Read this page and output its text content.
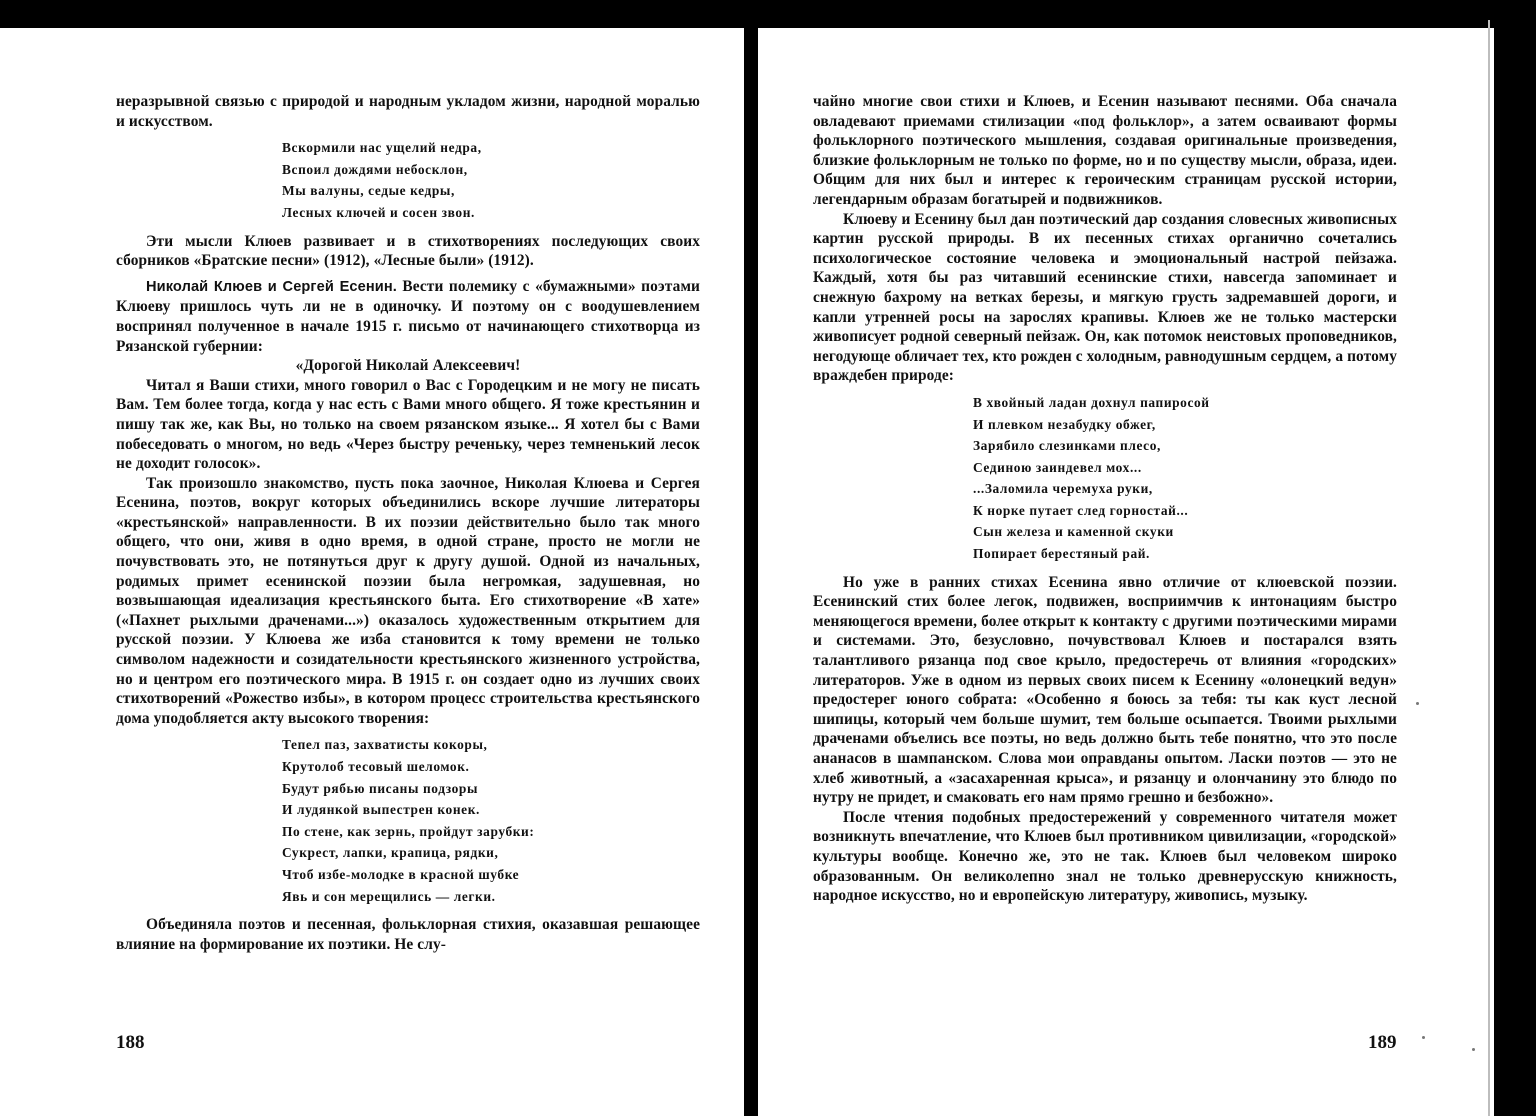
неразрывной связью с природой и народным укладом жизни, народной моралью и искусством.

Вскормили нас ущелий недра,
Вспоил дождями небосклон,
Мы валуны, седые кедры,
Лесных ключей и сосен звон.

Эти мысли Клюев развивает и в стихотворениях последующих своих сборников «Братские песни» (1912), «Лесные были» (1912).

Николай Клюев и Сергей Есенин. Вести полемику с «бумажными» поэтами Клюеву пришлось чуть ли не в одиночку. И поэтому он с воодушевлением воспринял полученное в начале 1915 г. письмо от начинающего стихотворца из Рязанской губернии:

«Дорогой Николай Алексеевич!

Читал я Ваши стихи, много говорил о Вас с Городецким и не могу не писать Вам. Тем более тогда, когда у нас есть с Вами много общего. Я тоже крестьянин и пишу так же, как Вы, но только на своем рязанском языке... Я хотел бы с Вами побеседовать о многом, но ведь «Через быстру реченьку, через темненький лесок не доходит голосок».

Так произошло знакомство, пусть пока заочное, Николая Клюева и Сергея Есенина, поэтов, вокруг которых объединились вскоре лучшие литераторы «крестьянской» направленности. В их поэзии действительно было так много общего, что они, живя в одно время, в одной стране, просто не могли не почувствовать это, не потянуться друг к другу душой. Одной из начальных, родимых примет есенинской поэзии была негромкая, задушевная, но возвышающая идеализация крестьянского быта. Его стихотворение «В хате» («Пахнет рыхлыми драченами...») оказалось художественным открытием для русской поэзии. У Клюева же изба становится к тому времени не только символом надежности и созидательности крестьянского жизненного устройства, но и центром его поэтического мира. В 1915 г. он создает одно из лучших своих стихотворений «Рожество избы», в котором процесс строительства крестьянского дома уподобляется акту высокого творения:

Тепел паз, захватисты кокоры,
Крутолоб тесовый шеломок.
Будут рябью писаны подзоры
И лудянкой выпестрен конек.
По стене, как зернь, пройдут зарубки:
Сукрест, лапки, крапица, рядки,
Чтоб избе-молодке в красной шубке
Явь и сон мерещились — легки.

Объединяла поэтов и песенная, фольклорная стихия, оказавшая решающее влияние на формирование их поэтики. Не слу-

188

чайно многие свои стихи и Клюев, и Есенин называют песнями. Оба сначала овладевают приемами стилизации «под фольклор», а затем осваивают формы фольклорного поэтического мышления, создавая оригинальные произведения, близкие фольклорным не только по форме, но и по существу мысли, образа, идеи. Общим для них был и интерес к героическим страницам русской истории, легендарным образам богатырей и подвижников.

Клюеву и Есенину был дан поэтический дар создания словесных живописных картин русской природы. В их песенных стихах органично сочетались психологическое состояние человека и эмоциональный настрой пейзажа. Каждый, хотя бы раз читавший есенинские стихи, навсегда запоминает и снежную бахрому на ветках березы, и мягкую грусть задремавшей дороги, и капли утренней росы на зарослях крапивы. Клюев же не только мастерски живописует родной северный пейзаж. Он, как потомок неистовых проповедников, негодующе обличает тех, кто рожден с холодным, равнодушным сердцем, а потому враждебен природе:

В хвойный ладан дохнул папиросой
И плевком незабудку обжег,
Зарябило слезинками плесо,
Сединою заиндевел мох...
...Заломила черемуха руки,
К норке путает след горностай...
Сын железа и каменной скуки
Попирает берестяный рай.

Но уже в ранних стихах Есенина явно отличие от клюевской поэзии. Есенинский стих более легок, подвижен, восприимчив к интонациям быстро меняющегося времени, более открыт к контакту с другими поэтическими мирами и системами. Это, безусловно, почувствовал Клюев и постарался взять талантливого рязанца под свое крыло, предостеречь от влияния «городских» литераторов. Уже в одном из первых своих писем к Есенину «олонецкий ведун» предостерег юного собрата: «Особенно я боюсь за тебя: ты как куст лесной шипицы, который чем больше шумит, тем больше осыпается. Твоими рыхлыми драченами объелись все поэты, но ведь должно быть тебе понятно, что это после ананасов в шампанском. Слова мои оправданы опытом. Ласки поэтов — это не хлеб животный, а «засахаренная крыса», и рязанцу и олончанину это блюдо по нутру не придет, и смаковать его нам прямо грешно и безбожно».

После чтения подобных предостережений у современного читателя может возникнуть впечатление, что Клюев был противником цивилизации, «городской» культуры вообще. Конечно же, это не так. Клюев был человеком широко образованным. Он великолепно знал не только древнерусскую книжность, народное искусство, но и европейскую литературу, живопись, музыку.

189
